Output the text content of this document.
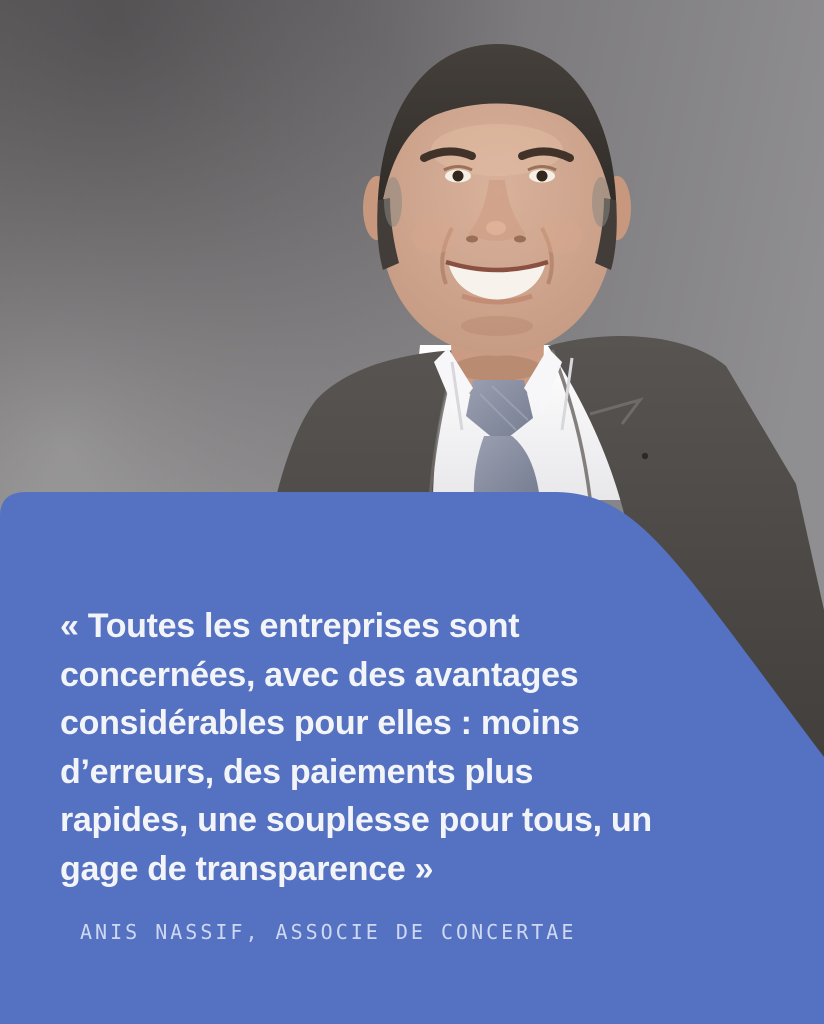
« Toutes les entreprises sont
concernées, avec des avantages
considérables pour elles : moins
d’erreurs, des paiements plus
rapides, une souplesse pour tous, un
gage de transparence »
ANIS NASSIF, ASSOCIE DE CONCERTAE
